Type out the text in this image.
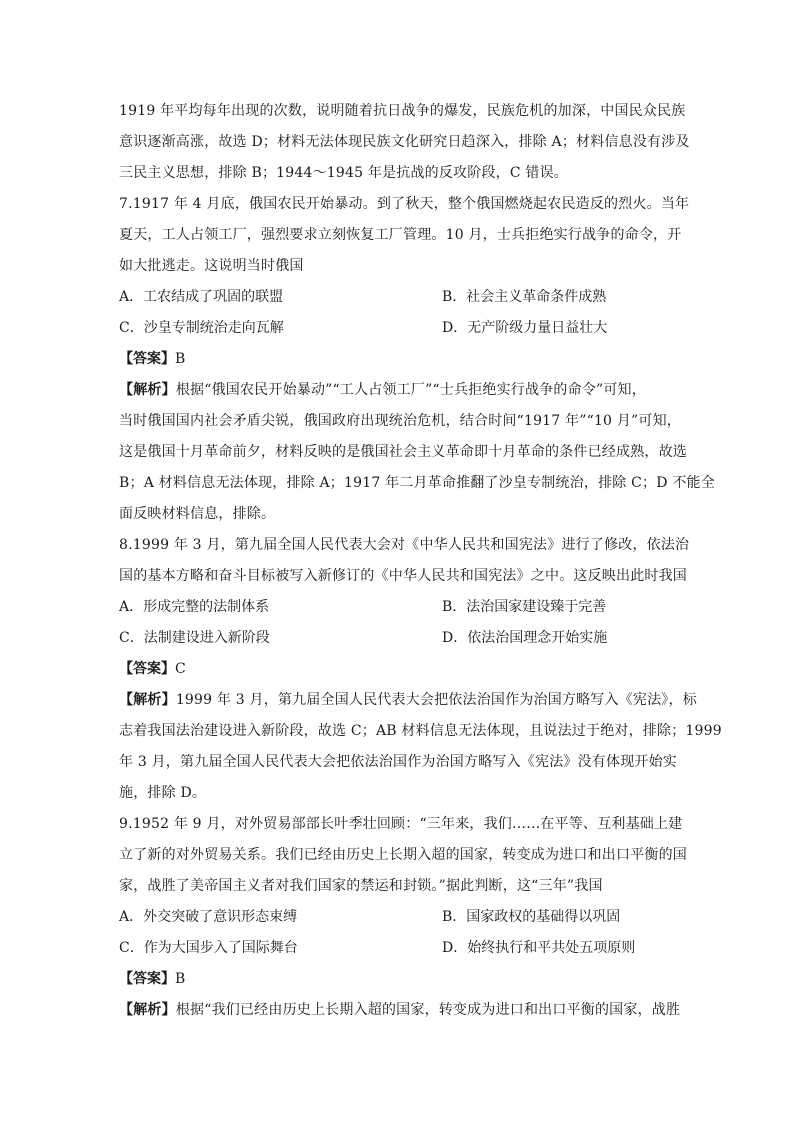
1919 年平均每年出现的次数，说明随着抗日战争的爆发，民族危机的加深，中国民众民族
意识逐渐高涨，故选 D；材料无法体现民族文化研究日趋深入，排除 A；材料信息没有涉及
三民主义思想，排除 B；1944～1945 年是抗战的反攻阶段，C 错误。
7.1917 年 4 月底，俄国农民开始暴动。到了秋天，整个俄国燃烧起农民造反的烈火。当年
夏天，工人占领工厂，强烈要求立刻恢复工厂管理。10 月，士兵拒绝实行战争的命令，开
如大批逃走。这说明当时俄国
A．工农结成了巩固的联盟	B．社会主义革命条件成熟
C．沙皇专制统治走向瓦解	D．无产阶级力量日益壮大
【答案】B
【解析】根据“俄国农民开始暴动”“工人占领工厂”“士兵拒绝实行战争的命令”可知，
当时俄国国内社会矛盾尖锐，俄国政府出现统治危机，结合时间“1917 年”“10 月”可知，
这是俄国十月革命前夕，材料反映的是俄国社会主义革命即十月革命的条件已经成熟，故选
B；A 材料信息无法体现，排除 A；1917 年二月革命推翻了沙皇专制统治，排除 C；D 不能全
面反映材料信息，排除。
8.1999 年 3 月，第九届全国人民代表大会对《中华人民共和国宪法》进行了修改，依法治
国的基本方略和奋斗目标被写入新修订的《中华人民共和国宪法》之中。这反映出此时我国
A．形成完整的法制体系	B．法治国家建设臻于完善
C．法制建设进入新阶段	D．依法治国理念开始实施
【答案】C
【解析】1999 年 3 月，第九届全国人民代表大会把依法治国作为治国方略写入《宪法》，标
志着我国法治建设进入新阶段，故选 C；AB 材料信息无法体现，且说法过于绝对，排除；1999
年 3 月，第九届全国人民代表大会把依法治国作为治国方略写入《宪法》没有体现开始实
施，排除 D。
9.1952 年 9 月，对外贸易部部长叶季壮回顾：“三年来，我们……在平等、互利基础上建
立了新的对外贸易关系。我们已经由历史上长期入超的国家，转变成为进口和出口平衡的国
家，战胜了美帝国主义者对我们国家的禁运和封锁。”据此判断，这“三年”我国
A．外交突破了意识形态束缚	B．国家政权的基础得以巩固
C．作为大国步入了国际舞台	D．始终执行和平共处五项原则
【答案】B
【解析】根据“我们已经由历史上长期入超的国家，转变成为进口和出口平衡的国家，战胜
